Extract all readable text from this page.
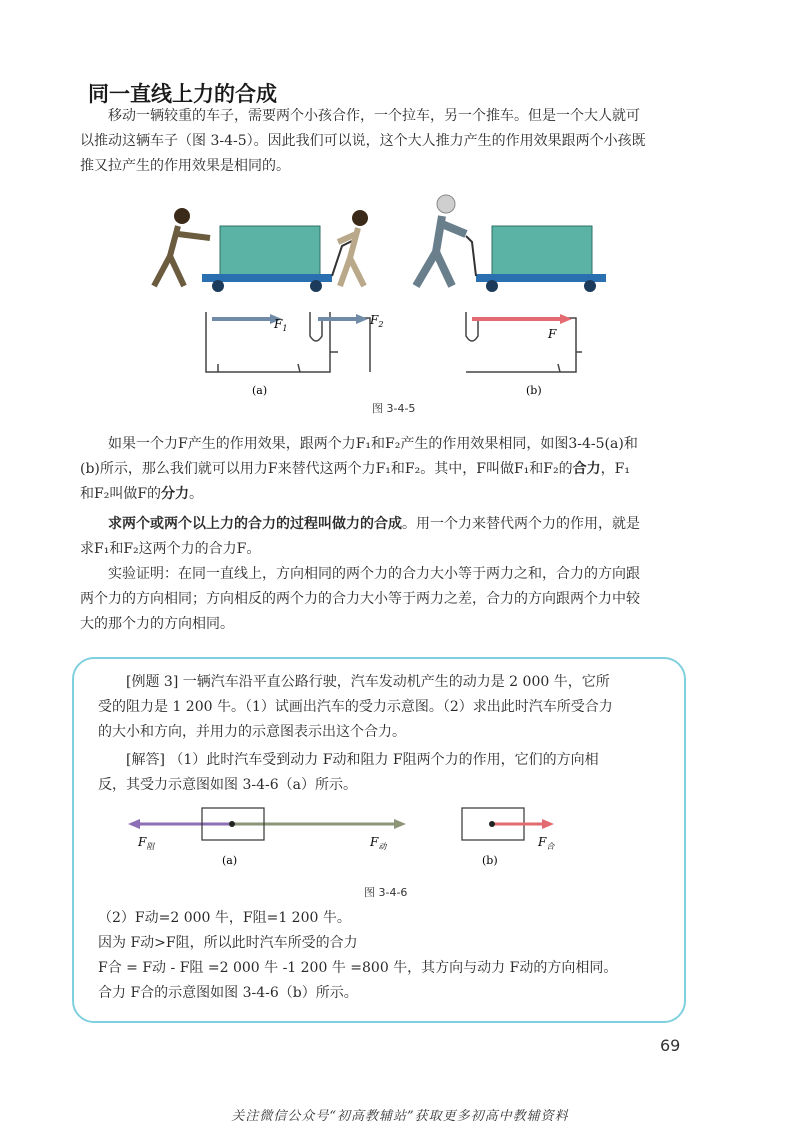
同一直线上力的合成
移动一辆较重的车子，需要两个小孩合作，一个拉车，另一个推车。但是一个大人就可
以推动这辆车子（图 3-4-5）。因此我们可以说，这个大人推力产生的作用效果跟两个小孩既
推又拉产生的作用效果是相同的。
$F_1$
$F_2$
(a)
F
(b)
图 3-4-5
如果一个力F产生的作用效果，跟两个力F₁和F₂产生的作用效果相同，如图3-4-5(a)和
(b)所示，那么我们就可以用力F来替代这两个力F₁和F₂。其中，F叫做F₁和F₂的合力，F₁
和F₂叫做F的分力。
求两个或两个以上力的合力的过程叫做力的合成。用一个力来替代两个力的作用，就是
求F₁和F₂这两个力的合力F。
实验证明：在同一直线上，方向相同的两个力的合力大小等于两力之和，合力的方向跟
两个力的方向相同；方向相反的两个力的合力大小等于两力之差，合力的方向跟两个力中较
大的那个力的方向相同。
[例题 3] 一辆汽车沿平直公路行驶，汽车发动机产生的动力是 2 000 牛，它所
受的阻力是 1 200 牛。（1）试画出汽车的受力示意图。（2）求出此时汽车所受合力
的大小和方向，并用力的示意图表示出这个合力。
[解答] （1）此时汽车受到动力 F动和阻力 F阻两个力的作用，它们的方向相
反，其受力示意图如图 3-4-6（a）所示。
$F_阻$	$F_动$
(a)
$F_合$
(b)
图 3-4-6
（2）F动=2 000 牛，F阻=1 200 牛。
因为 F动>F阻，所以此时汽车所受的合力
F合 = F动 - F阻 =2 000 牛 -1 200 牛 =800 牛，其方向与动力 F动的方向相同。
合力 F合的示意图如图 3-4-6（b）所示。
69
关注微信公众号“初高教辅站”获取更多初高中教辅资料
